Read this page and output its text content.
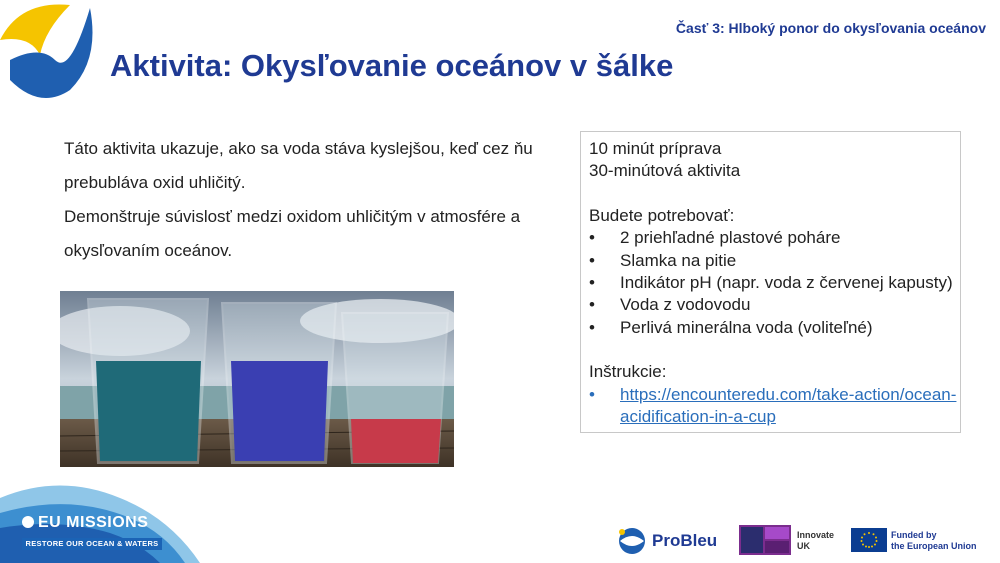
Časť 3: Hlboký ponor do okysľovania oceánov
Aktivita: Okysľovanie oceánov v šálke

Táto aktivita ukazuje, ako sa voda stáva kyslejšou, keď cez ňu prebubláva oxid uhličitý.

Demonštruje súvislosť medzi oxidom uhličitým v atmosfére a okysľovaním oceánov.

10 minút príprava

30-minútová aktivita

Budete potrebovať:

• 2 priehľadné plastové poháre
• Slamka na pitie
• Indikátor pH (napr. voda z červenej kapusty)
• Voda z vodovodu
• Perlivá minerálna voda (voliteľné)

Inštrukcie:

• https://encounteredu.com/take-action/ocean-acidification-in-a-cup
EU MISSIONS
RESTORE OUR OCEAN & WATERS	ProBleu	Innovate
UK
Funded by
the European Union
